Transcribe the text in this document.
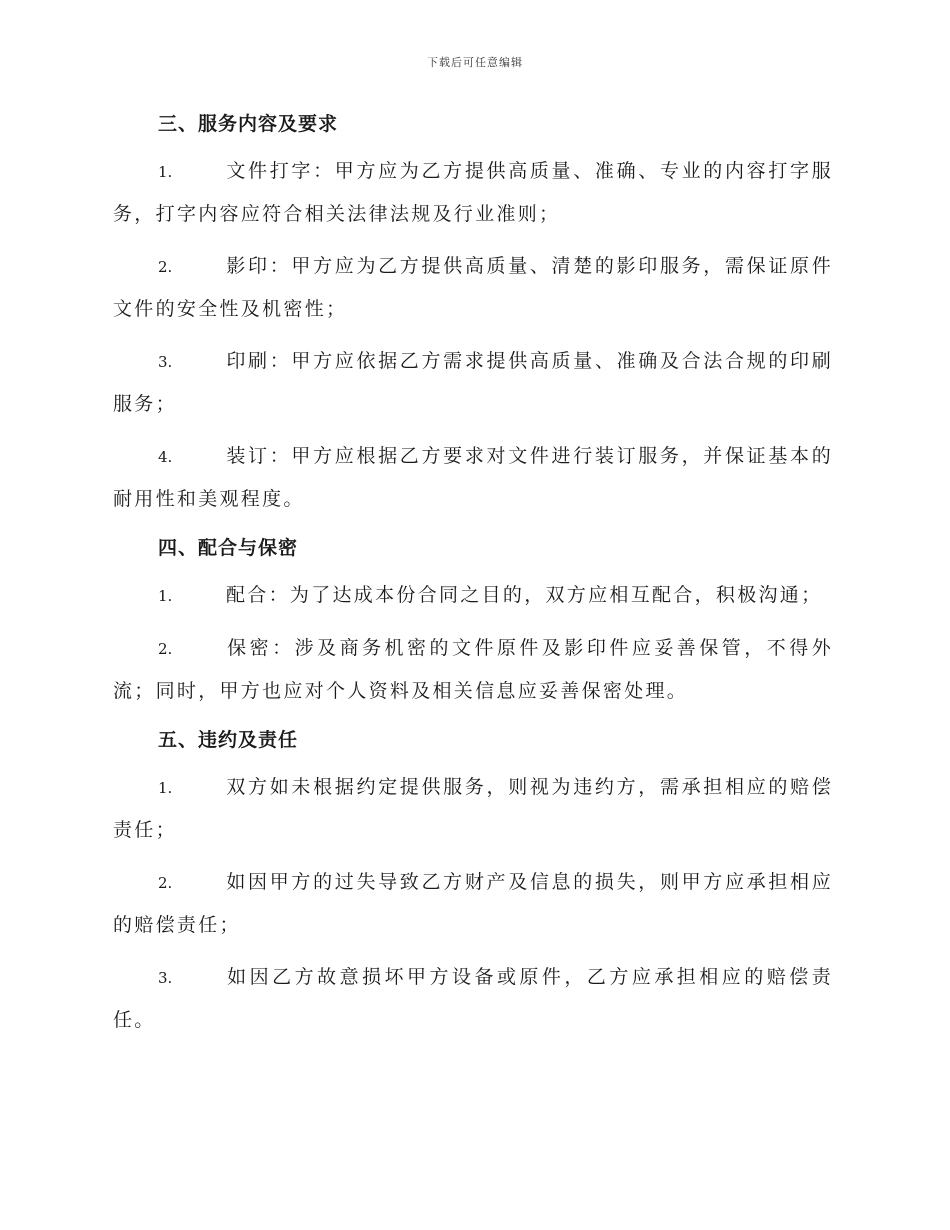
下载后可任意编辑
三、服务内容及要求

1.	文件打字：甲方应为乙方提供高质量、准确、专业的内容打字服务，打字内容应符合相关法律法规及行业准则；

2.	影印：甲方应为乙方提供高质量、清楚的影印服务，需保证原件文件的安全性及机密性；

3.	印刷：甲方应依据乙方需求提供高质量、准确及合法合规的印刷服务；

4.	装订：甲方应根据乙方要求对文件进行装订服务，并保证基本的耐用性和美观程度。

四、配合与保密

1.	配合：为了达成本份合同之目的，双方应相互配合，积极沟通；

2.	保密：涉及商务机密的文件原件及影印件应妥善保管，不得外流；同时，甲方也应对个人资料及相关信息应妥善保密处理。

五、违约及责任

1.	双方如未根据约定提供服务，则视为违约方，需承担相应的赔偿责任；

2.	如因甲方的过失导致乙方财产及信息的损失，则甲方应承担相应的赔偿责任；

3.	如因乙方故意损坏甲方设备或原件，乙方应承担相应的赔偿责任。
